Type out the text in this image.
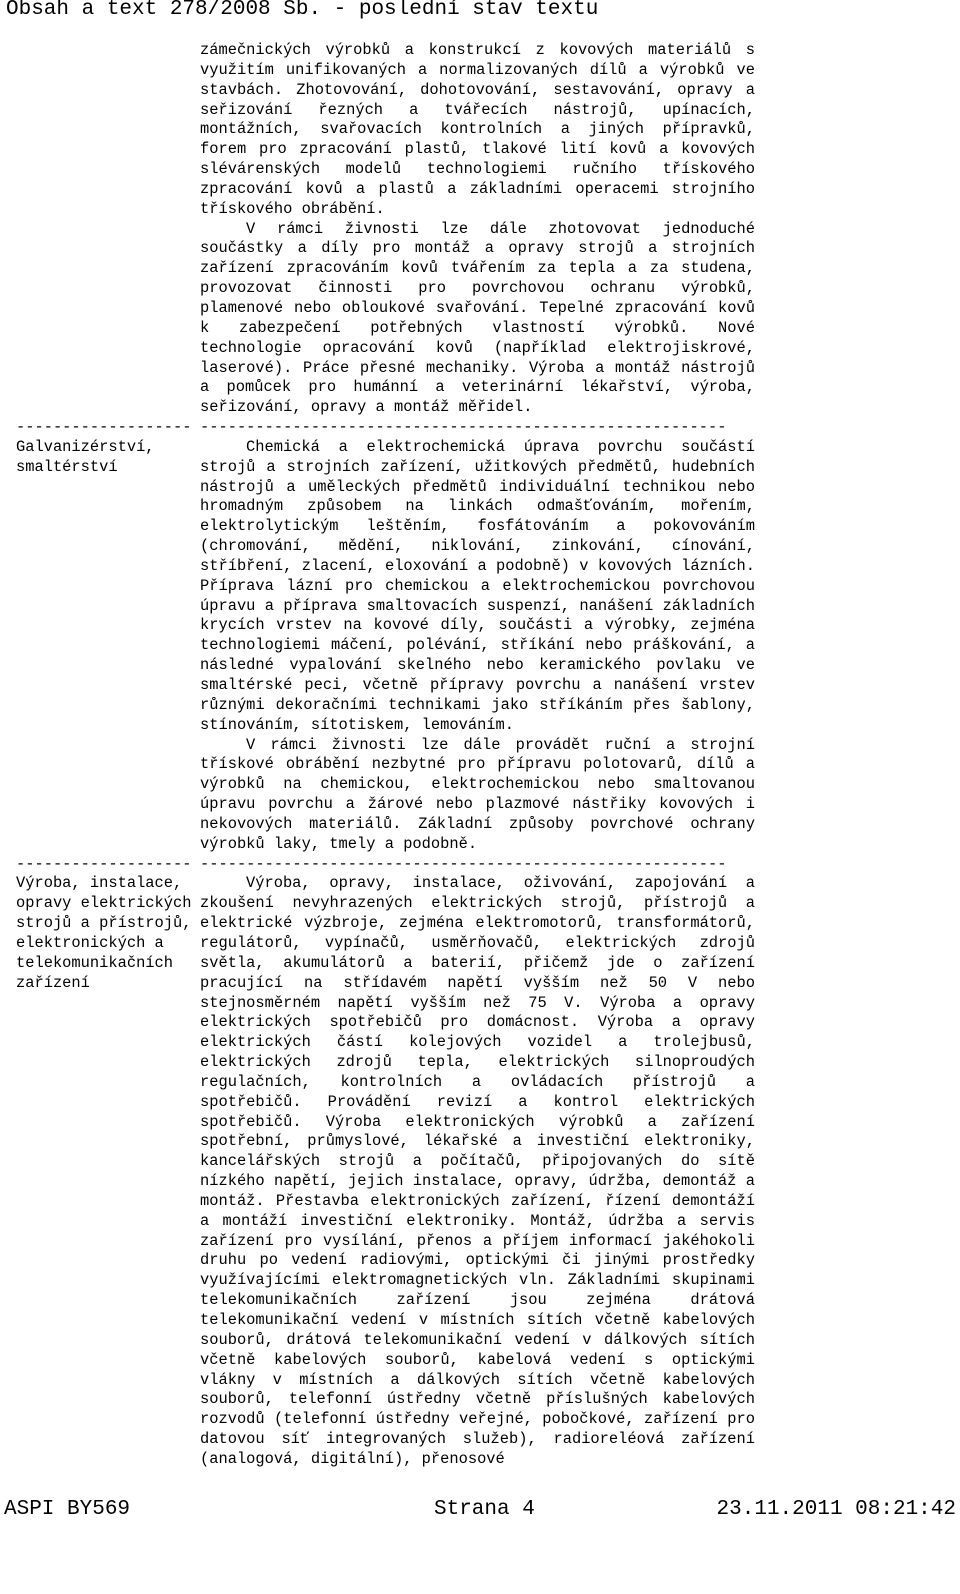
Obsah a text 278/2008 Sb. - poslední stav textu

zámečnických výrobků a konstrukcí z kovových materiálů s využitím unifikovaných a normalizovaných dílů a výrobků ve stavbách. Zhotovování, dohotovování, sestavování, opravy a seřizování řezných a tvářecích nástrojů, upínacích, montážních, svařovacích kontrolních a jiných přípravků, forem pro zpracování plastů, tlakové lití kovů a kovových slévárenských modelů technologiemi ručního třískového zpracování kovů a plastů a základními operacemi strojního třískového obrábění.

V rámci živnosti lze dále zhotovovat jednoduché součástky a díly pro montáž a opravy strojů a strojních zařízení zpracováním kovů tvářením za tepla a za studena, provozovat činnosti pro povrchovou ochranu výrobků, plamenové nebo obloukové svařování. Tepelné zpracování kovů k zabezpečení potřebných vlastností výrobků. Nové technologie opracování kovů (například elektrojiskrové, laserové). Práce přesné mechaniky. Výroba a montáž nástrojů a pomůcek pro humánní a veterinární lékařství, výroba, seřizování, opravy a montáž měřidel.

------------------- ---------------------------------------------------------
Galvanizérství, smaltérství

Chemická a elektrochemická úprava povrchu součástí strojů a strojních zařízení, užitkových předmětů, hudebních nástrojů a uměleckých předmětů individuální technikou nebo hromadným způsobem na linkách odmašťováním, mořením, elektrolytickým leštěním, fosfátováním a pokovováním (chromování, mědění, niklování, zinkování, cínování, stříbření, zlacení, eloxování a podobně) v kovových lázních. Příprava lázní pro chemickou a elektrochemickou povrchovou úpravu a příprava smaltovacích suspenzí, nanášení základních krycích vrstev na kovové díly, součásti a výrobky, zejména technologiemi máčení, polévání, stříkání nebo práškování, a následné vypalování skelného nebo keramického povlaku ve smaltérské peci, včetně přípravy povrchu a nanášení vrstev různými dekoračními technikami jako stříkáním přes šablony, stínováním, sítotiskem, lemováním.

V rámci živnosti lze dále provádět ruční a strojní třískové obrábění nezbytné pro přípravu polotovarů, dílů a výrobků na chemickou, elektrochemickou nebo smaltovanou úpravu povrchu a žárové nebo plazmové nástřiky kovových i nekovových materiálů. Základní způsoby povrchové ochrany výrobků laky, tmely a podobně.

------------------- ---------------------------------------------------------
Výroba, instalace, opravy elektrických strojů a přístrojů, elektronických a telekomunikačních zařízení

Výroba, opravy, instalace, oživování, zapojování a zkoušení nevyhrazených elektrických strojů, přístrojů a elektrické výzbroje, zejména elektromotorů, transformátorů, regulátorů, vypínačů, usměrňovačů, elektrických zdrojů světla, akumulátorů a baterií, přičemž jde o zařízení pracující na střídavém napětí vyšším než 50 V nebo stejnosměrném napětí vyšším než 75 V. Výroba a opravy elektrických spotřebičů pro domácnost. Výroba a opravy elektrických částí kolejových vozidel a trolejbusů, elektrických zdrojů tepla, elektrických silnoproudých regulačních, kontrolních a ovládacích přístrojů a spotřebičů. Provádění revizí a kontrol elektrických spotřebičů. Výroba elektronických výrobků a zařízení spotřební, průmyslové, lékařské a investiční elektroniky, kancelářských strojů a počítačů, připojovaných do sítě nízkého napětí, jejich instalace, opravy, údržba, demontáž a montáž. Přestavba elektronických zařízení, řízení demontáží a montáží investiční elektroniky. Montáž, údržba a servis zařízení pro vysílání, přenos a příjem informací jakéhokoli druhu po vedení radiovými, optickými či jinými prostředky využívajícími elektromagnetických vln. Základními skupinami telekomunikačních zařízení jsou zejména drátová telekomunikační vedení v místních sítích včetně kabelových souborů, drátová telekomunikační vedení v dálkových sítích včetně kabelových souborů, kabelová vedení s optickými vlákny v místních a dálkových sítích včetně kabelových souborů, telefonní ústředny včetně příslušných kabelových rozvodů (telefonní ústředny veřejné, pobočkové, zařízení pro datovou síť integrovaných služeb), radioreléová zařízení (analogová, digitální), přenosové

ASPI BY569

	Strana 4

	23.11.2011 08:21:42
